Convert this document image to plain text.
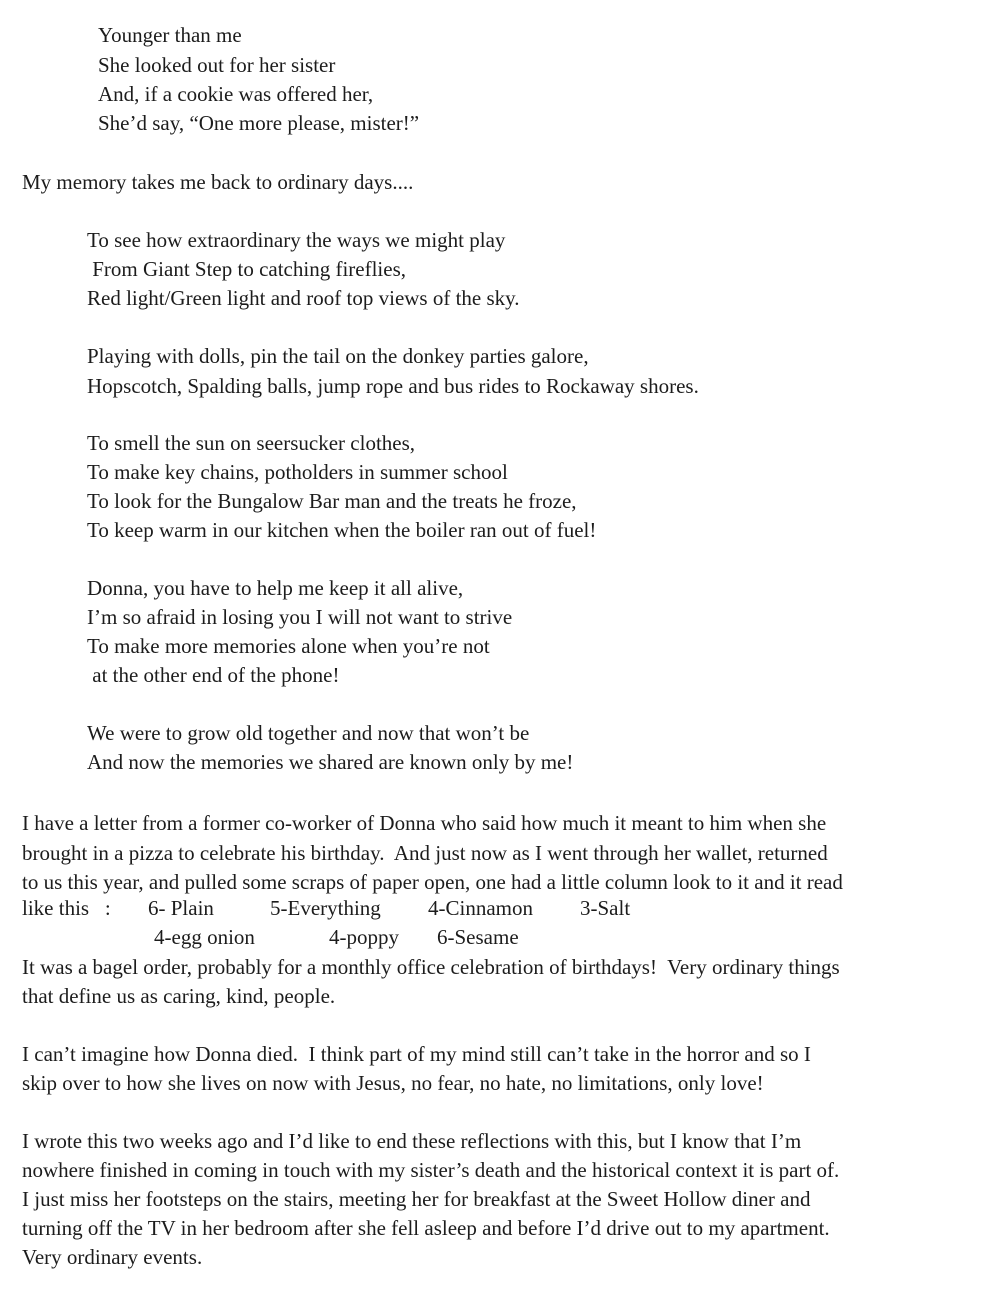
Younger than me
She looked out for her sister
And, if a cookie was offered her,
She’d say, “One more please, mister!”
My memory takes me back to ordinary days....
To see how extraordinary the ways we might play
From Giant Step to catching fireflies,
Red light/Green light and roof top views of the sky.
Playing with dolls, pin the tail on the donkey parties galore,
Hopscotch, Spalding balls, jump rope and bus rides to Rockaway shores.
To smell the sun on seersucker clothes,
To make key chains, potholders in summer school
To look for the Bungalow Bar man and the treats he froze,
To keep warm in our kitchen when the boiler ran out of fuel!
Donna, you have to help me keep it all alive,
I’m so afraid in losing you I will not want to strive
To make more memories alone when you’re not
at the other end of the phone!
We were to grow old together and now that won’t be
And now the memories we shared are known only by me!
I have a letter from a former co-worker of Donna who said how much it meant to him when she
brought in a pizza to celebrate his birthday.  And just now as I went through her wallet, returned
to us this year, and pulled some scraps of paper open, one had a little column look to it and it read
like this   : 6- Plain	5-Everything 4-Cinnamon 3-Salt
4-egg onion	4-poppy 6-Sesame
It was a bagel order, probably for a monthly office celebration of birthdays!  Very ordinary things
that define us as caring, kind, people.
I can’t imagine how Donna died.  I think part of my mind still can’t take in the horror and so I
skip over to how she lives on now with Jesus, no fear, no hate, no limitations, only love!
I wrote this two weeks ago and I’d like to end these reflections with this, but I know that I’m
nowhere finished in coming in touch with my sister’s death and the historical context it is part of.
I just miss her footsteps on the stairs, meeting her for breakfast at the Sweet Hollow diner and
turning off the TV in her bedroom after she fell asleep and before I’d drive out to my apartment.
Very ordinary events.
